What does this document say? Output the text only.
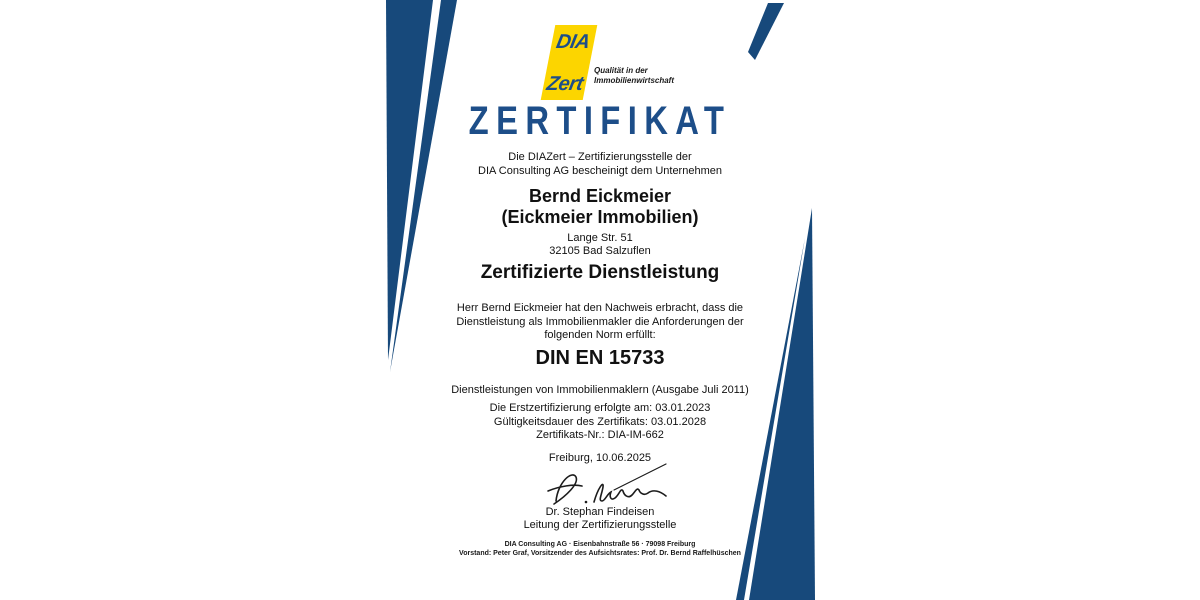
DIA
Zert
Qualität in der
Immobilienwirtschaft
ZERTIFIKAT
Die DIAZert – Zertifizierungsstelle der
DIA Consulting AG bescheinigt dem Unternehmen
Bernd Eickmeier
(Eickmeier Immobilien)
Lange Str. 51
32105 Bad Salzuflen
Zertifizierte Dienstleistung
Herr Bernd Eickmeier hat den Nachweis erbracht, dass die
Dienstleistung als Immobilienmakler die Anforderungen der
folgenden Norm erfüllt:
DIN EN 15733
Dienstleistungen von Immobilienmaklern (Ausgabe Juli 2011)
Die Erstzertifizierung erfolgte am: 03.01.2023
Gültigkeitsdauer des Zertifikats: 03.01.2028
Zertifikats-Nr.: DIA-IM-662
Freiburg, 10.06.2025
Dr. Stephan Findeisen
Leitung der Zertifizierungsstelle
DIA Consulting AG · Eisenbahnstraße 56 · 79098 Freiburg
Vorstand: Peter Graf, Vorsitzender des Aufsichtsrates: Prof. Dr. Bernd Raffelhüschen
